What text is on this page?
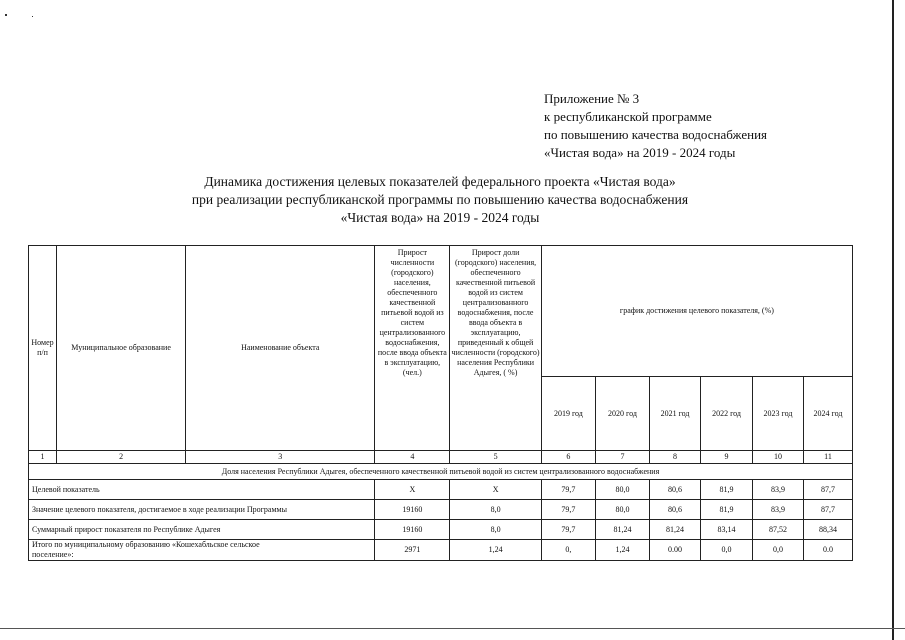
Приложение № 3
к республиканской программе
по повышению качества водоснабжения
«Чистая вода» на 2019 - 2024 годы
Динамика достижения целевых показателей федерального проекта «Чистая вода»
при реализации республиканской программы по повышению качества водоснабжения
«Чистая вода» на 2019 - 2024 годы
Номер п/п	Муниципальное образование	Наименование объекта	Прирост численности (городского) населения, обеспеченного качественной питьевой водой из систем централизованного водоснабжения, после ввода объекта в эксплуатацию, (чел.)	Прирост доли (городского) населения, обеспеченного качественной питьевой водой из систем централизованного водоснабжения, после ввода объекта в эксплуатацию, приведенный к общей численности (городского) населения Республики Адыгея, ( %)	график достижения целевого показателя, (%)					
					2019 год	2020 год	2021 год	2022 год	2023 год	2024 год
1	2	3	4	5	6	7	8	9	10	11
Доля населения Республики Адыгея, обеспеченного качественной питьевой водой из систем централизованного водоснабжения										
Целевой показатель			X	X	79,7	80,0	80,6	81,9	83,9	87,7
Значение целевого показателя, достигаемое в ходе реализации Программы			19160	8,0	79,7	80,0	80,6	81,9	83,9	87,7
Суммарный прирост показателя по Республике Адыгея			19160	8,0	79,7	81,24	81,24	83,14	87,52	88,34
Итого по муниципальному образованию «Кошехабльское сельское поселение»:			2971	1,24	0,	1,24	0.00	0,0	0,0	0.0
